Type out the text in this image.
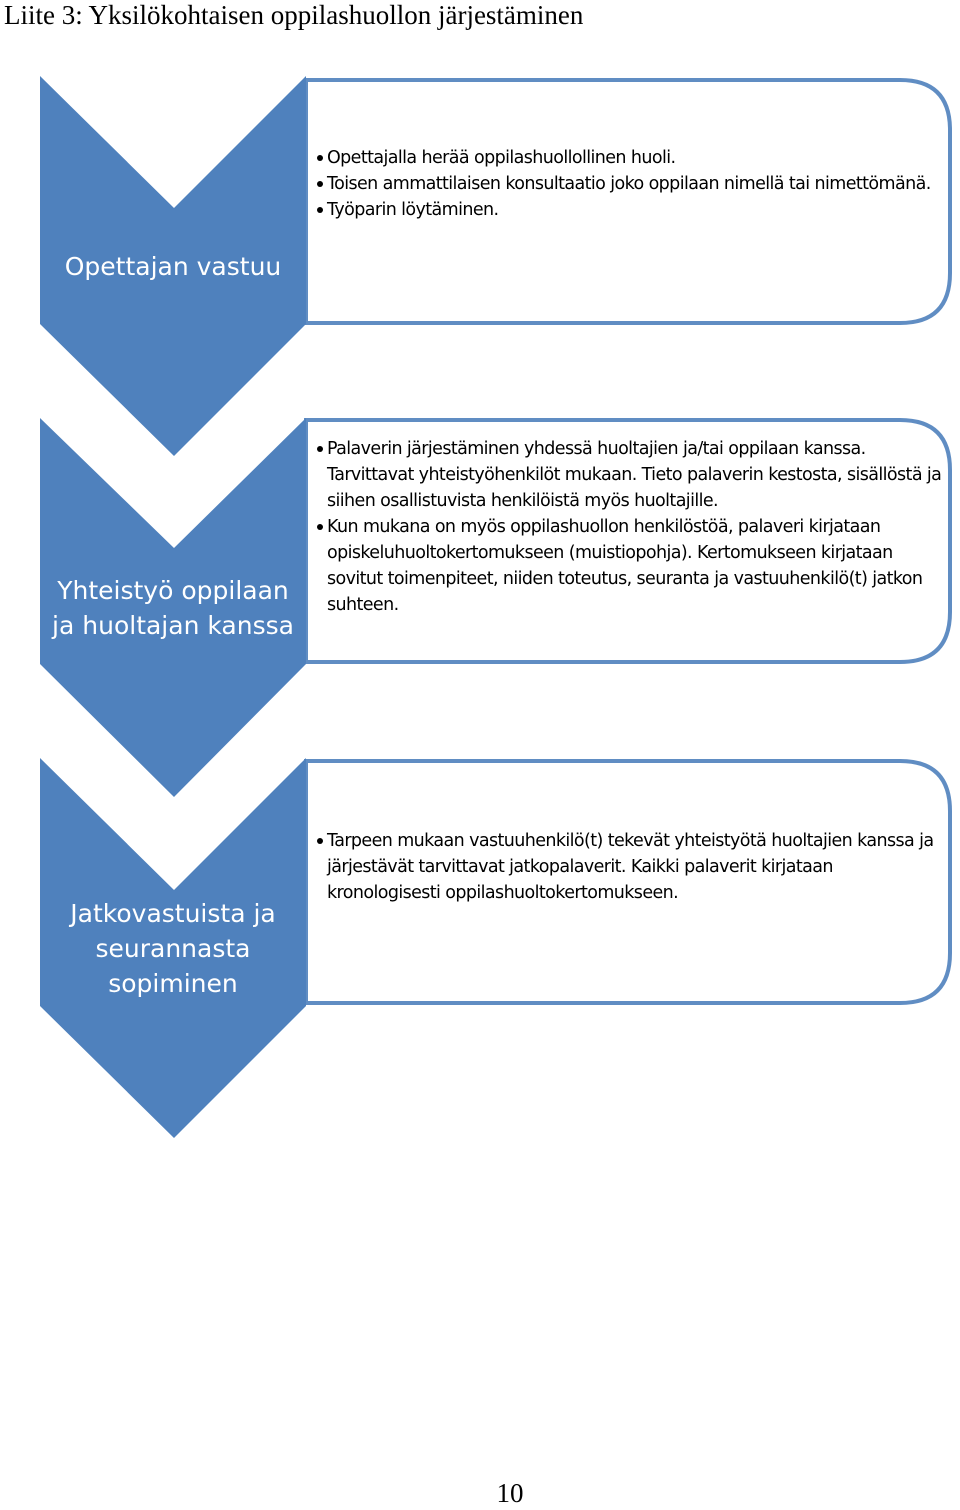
Liite 3: Yksilökohtaisen oppilashuollon järjestäminen
Opettajan vastuu
Yhteistyö oppilaan
ja huoltajan kanssa
Jatkovastuista ja
seurannasta
sopiminen
Opettajalla herää oppilashuollollinen huoli.
Toisen ammattilaisen konsultaatio joko oppilaan nimellä tai nimettömänä.
Työparin löytäminen.
Palaverin järjestäminen yhdessä huoltajien ja/tai oppilaan kanssa. Tarvittavat yhteistyöhenkilöt mukaan. Tieto palaverin kestosta, sisällöstä ja siihen osallistuvista henkilöistä myös huoltajille.
Kun mukana on myös oppilashuollon henkilöstöä, palaveri kirjataan opiskeluhuoltokertomukseen (muistiopohja). Kertomukseen kirjataan sovitut toimenpiteet, niiden toteutus, seuranta ja vastuuhenkilö(t) jatkon suhteen.
Tarpeen mukaan vastuuhenkilö(t) tekevät yhteistyötä huoltajien kanssa ja järjestävät tarvittavat jatkopalaverit. Kaikki palaverit kirjataan kronologisesti oppilashuoltokertomukseen.
10
